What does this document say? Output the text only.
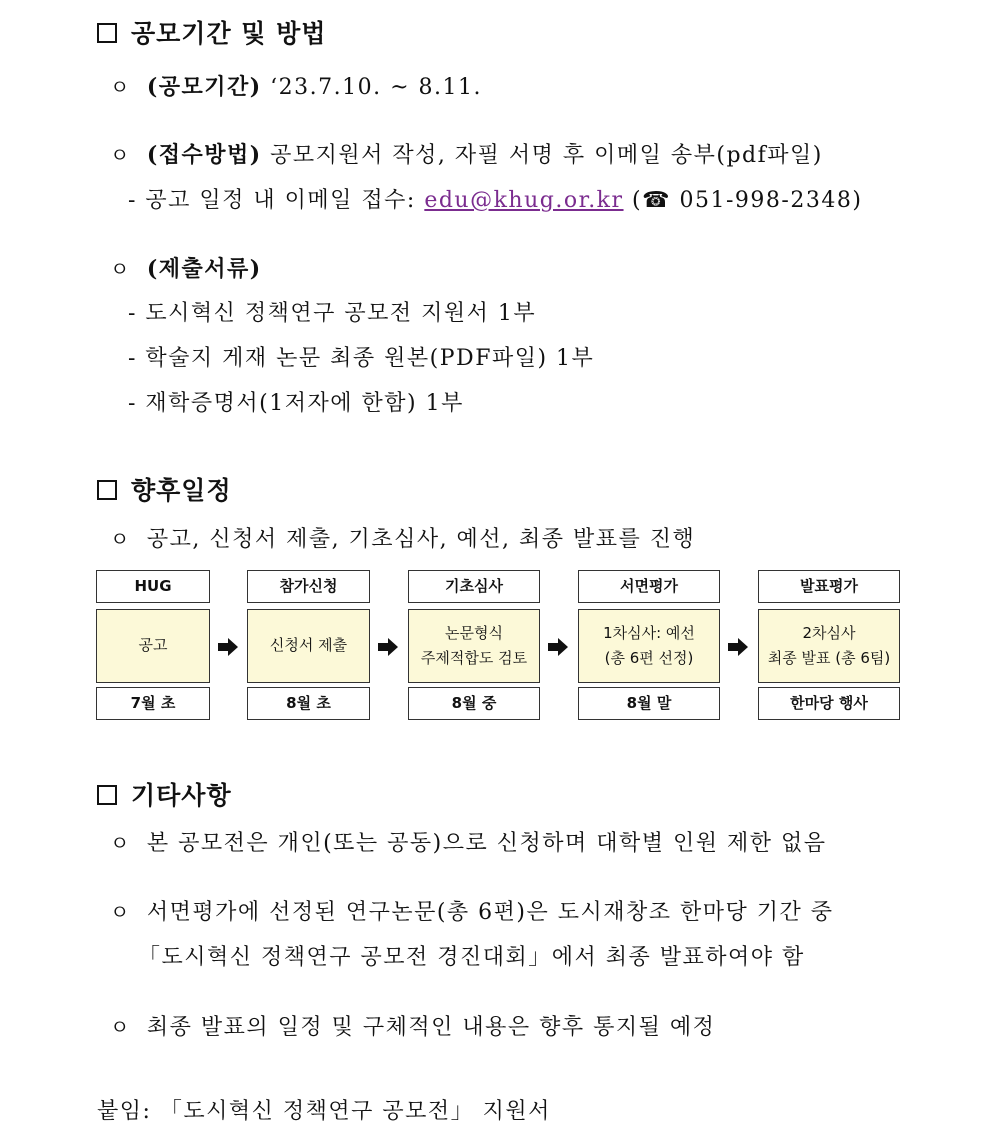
공모기간 및 방법
ㅇ (공모기간) ‘23.7.10. ~ 8.11.
ㅇ (접수방법) 공모지원서 작성, 자필 서명 후 이메일 송부(pdf파일)
- 공고 일정 내 이메일 접수: edu@khug.or.kr (☎ 051-998-2348)
ㅇ (제출서류)
- 도시혁신 정책연구 공모전 지원서 1부
- 학술지 게재 논문 최종 원본(PDF파일) 1부
- 재학증명서(1저자에 한함) 1부
향후일정
ㅇ 공고, 신청서 제출, 기초심사, 예선, 최종 발표를 진행
HUG
공고
7월 초
참가신청
신청서 제출
8월 초
기초심사
논문형식
주제적합도 검토
8월 중
서면평가
1차심사: 예선
(총 6편 선정)
8월 말
발표평가
2차심사
최종 발표 (총 6팀)
한마당 행사
기타사항
ㅇ 본 공모전은 개인(또는 공동)으로 신청하며 대학별 인원 제한 없음
ㅇ 서면평가에 선정된 연구논문(총 6편)은 도시재창조 한마당 기간 중
「도시혁신 정책연구 공모전 경진대회」에서 최종 발표하여야 함
ㅇ 최종 발표의 일정 및 구체적인 내용은 향후 통지될 예정
붙임: 「도시혁신 정책연구 공모전」 지원서
